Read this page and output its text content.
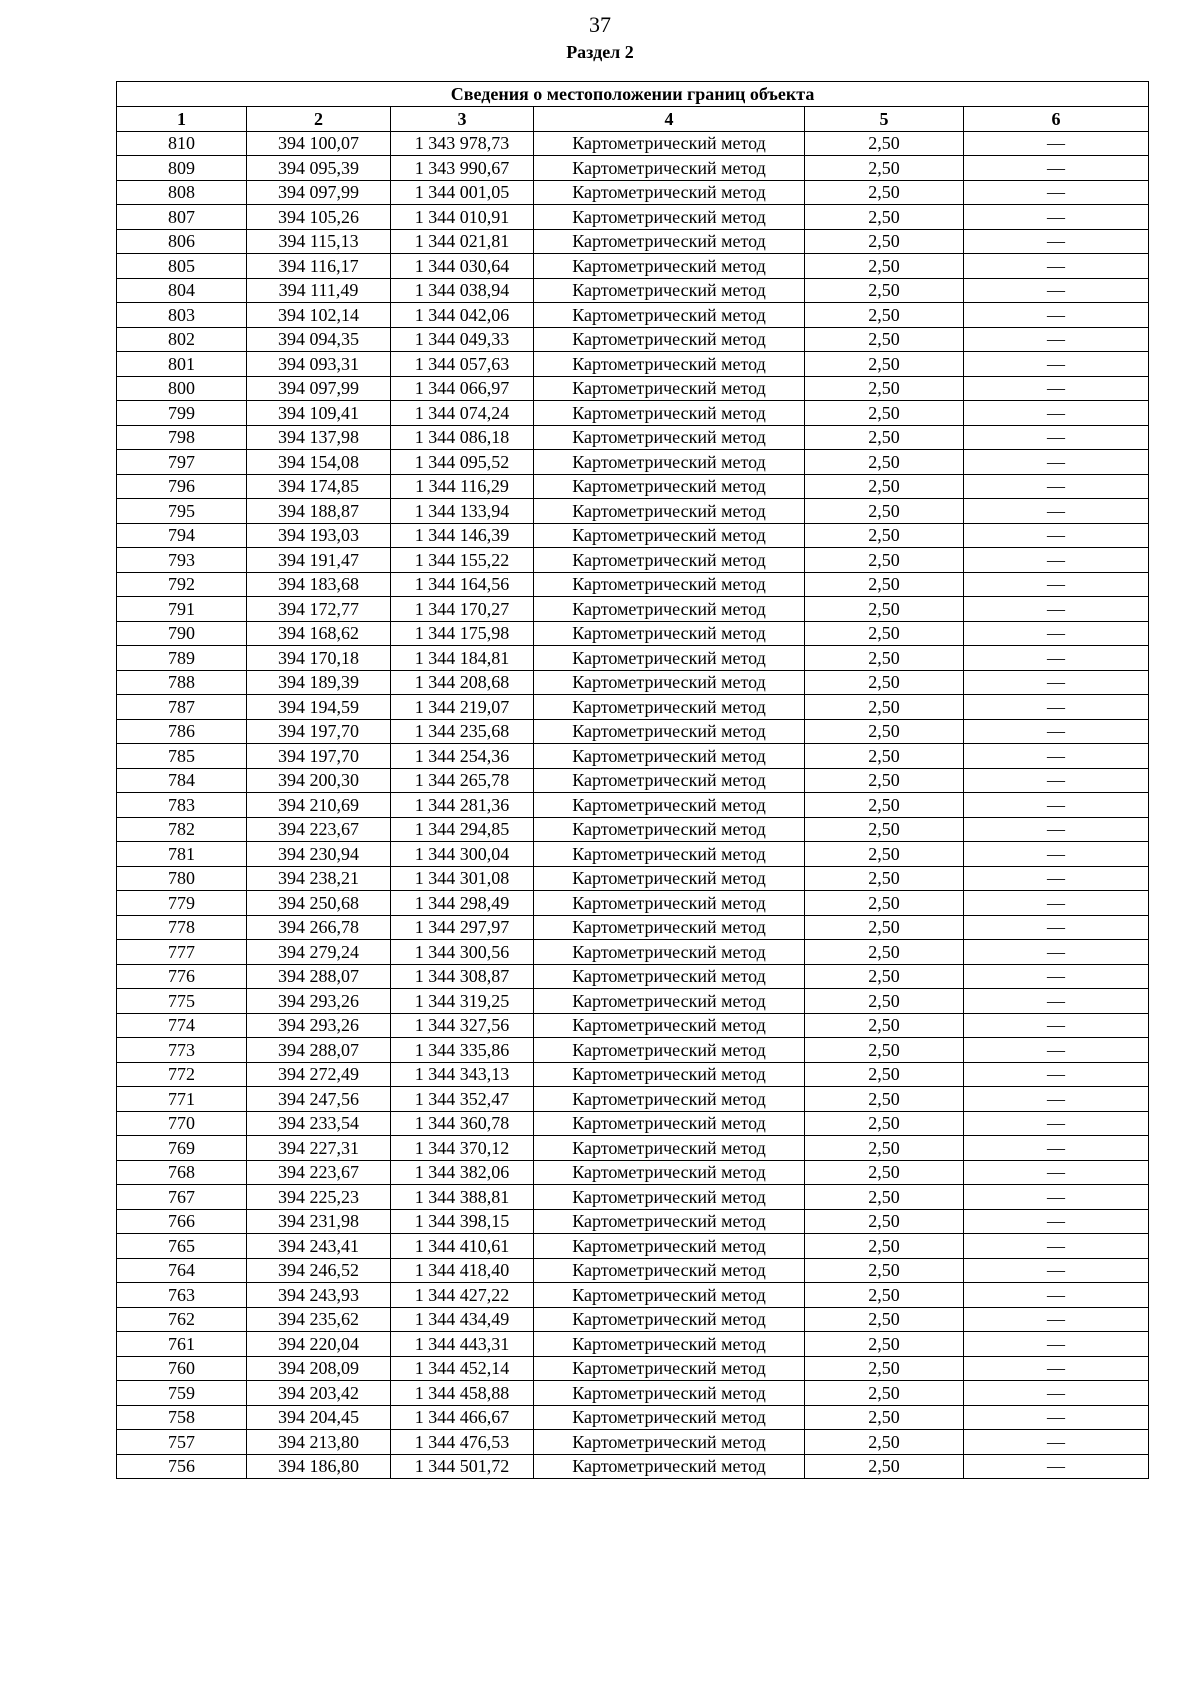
37
Раздел 2
Сведения о местоположении границ объекта					
1	2	3	4	5	6
810	394 100,07	1 343 978,73	Картометрический метод	2,50	—
809	394 095,39	1 343 990,67	Картометрический метод	2,50	—
808	394 097,99	1 344 001,05	Картометрический метод	2,50	—
807	394 105,26	1 344 010,91	Картометрический метод	2,50	—
806	394 115,13	1 344 021,81	Картометрический метод	2,50	—
805	394 116,17	1 344 030,64	Картометрический метод	2,50	—
804	394 111,49	1 344 038,94	Картометрический метод	2,50	—
803	394 102,14	1 344 042,06	Картометрический метод	2,50	—
802	394 094,35	1 344 049,33	Картометрический метод	2,50	—
801	394 093,31	1 344 057,63	Картометрический метод	2,50	—
800	394 097,99	1 344 066,97	Картометрический метод	2,50	—
799	394 109,41	1 344 074,24	Картометрический метод	2,50	—
798	394 137,98	1 344 086,18	Картометрический метод	2,50	—
797	394 154,08	1 344 095,52	Картометрический метод	2,50	—
796	394 174,85	1 344 116,29	Картометрический метод	2,50	—
795	394 188,87	1 344 133,94	Картометрический метод	2,50	—
794	394 193,03	1 344 146,39	Картометрический метод	2,50	—
793	394 191,47	1 344 155,22	Картометрический метод	2,50	—
792	394 183,68	1 344 164,56	Картометрический метод	2,50	—
791	394 172,77	1 344 170,27	Картометрический метод	2,50	—
790	394 168,62	1 344 175,98	Картометрический метод	2,50	—
789	394 170,18	1 344 184,81	Картометрический метод	2,50	—
788	394 189,39	1 344 208,68	Картометрический метод	2,50	—
787	394 194,59	1 344 219,07	Картометрический метод	2,50	—
786	394 197,70	1 344 235,68	Картометрический метод	2,50	—
785	394 197,70	1 344 254,36	Картометрический метод	2,50	—
784	394 200,30	1 344 265,78	Картометрический метод	2,50	—
783	394 210,69	1 344 281,36	Картометрический метод	2,50	—
782	394 223,67	1 344 294,85	Картометрический метод	2,50	—
781	394 230,94	1 344 300,04	Картометрический метод	2,50	—
780	394 238,21	1 344 301,08	Картометрический метод	2,50	—
779	394 250,68	1 344 298,49	Картометрический метод	2,50	—
778	394 266,78	1 344 297,97	Картометрический метод	2,50	—
777	394 279,24	1 344 300,56	Картометрический метод	2,50	—
776	394 288,07	1 344 308,87	Картометрический метод	2,50	—
775	394 293,26	1 344 319,25	Картометрический метод	2,50	—
774	394 293,26	1 344 327,56	Картометрический метод	2,50	—
773	394 288,07	1 344 335,86	Картометрический метод	2,50	—
772	394 272,49	1 344 343,13	Картометрический метод	2,50	—
771	394 247,56	1 344 352,47	Картометрический метод	2,50	—
770	394 233,54	1 344 360,78	Картометрический метод	2,50	—
769	394 227,31	1 344 370,12	Картометрический метод	2,50	—
768	394 223,67	1 344 382,06	Картометрический метод	2,50	—
767	394 225,23	1 344 388,81	Картометрический метод	2,50	—
766	394 231,98	1 344 398,15	Картометрический метод	2,50	—
765	394 243,41	1 344 410,61	Картометрический метод	2,50	—
764	394 246,52	1 344 418,40	Картометрический метод	2,50	—
763	394 243,93	1 344 427,22	Картометрический метод	2,50	—
762	394 235,62	1 344 434,49	Картометрический метод	2,50	—
761	394 220,04	1 344 443,31	Картометрический метод	2,50	—
760	394 208,09	1 344 452,14	Картометрический метод	2,50	—
759	394 203,42	1 344 458,88	Картометрический метод	2,50	—
758	394 204,45	1 344 466,67	Картометрический метод	2,50	—
757	394 213,80	1 344 476,53	Картометрический метод	2,50	—
756	394 186,80	1 344 501,72	Картометрический метод	2,50	—
